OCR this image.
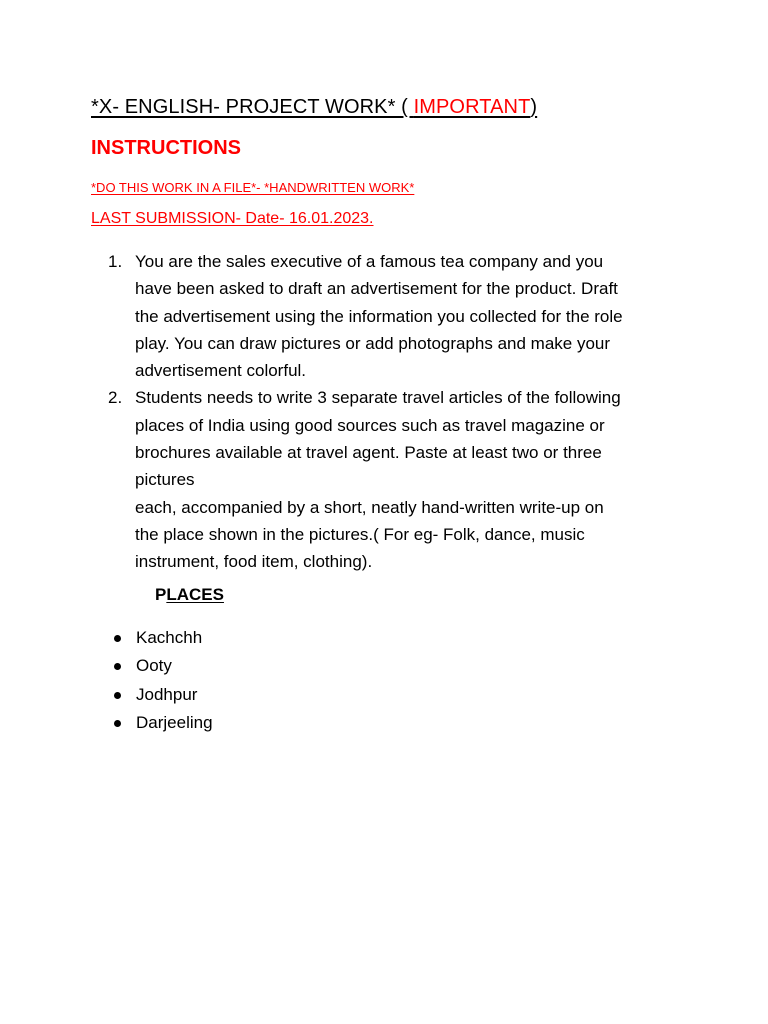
*X- ENGLISH- PROJECT WORK* ( IMPORTANT)
INSTRUCTIONS
*DO THIS WORK IN A FILE*- *HANDWRITTEN WORK*
LAST SUBMISSION- Date- 16.01.2023.
1. You are the sales executive of a famous tea company and you
have been asked to draft an advertisement for the product. Draft
the advertisement using the information you collected for the role
play. You can draw pictures or add photographs and make your
advertisement colorful.
2. Students needs to write 3 separate travel articles of the following
places of India using good sources such as travel magazine or
brochures available at travel agent. Paste at least two or three
pictures
each, accompanied by a short, neatly hand-written write-up on
the place shown in the pictures.( For eg- Folk, dance, music
instrument, food item, clothing).
PLACES
Kachchh
Ooty
Jodhpur
Darjeeling
